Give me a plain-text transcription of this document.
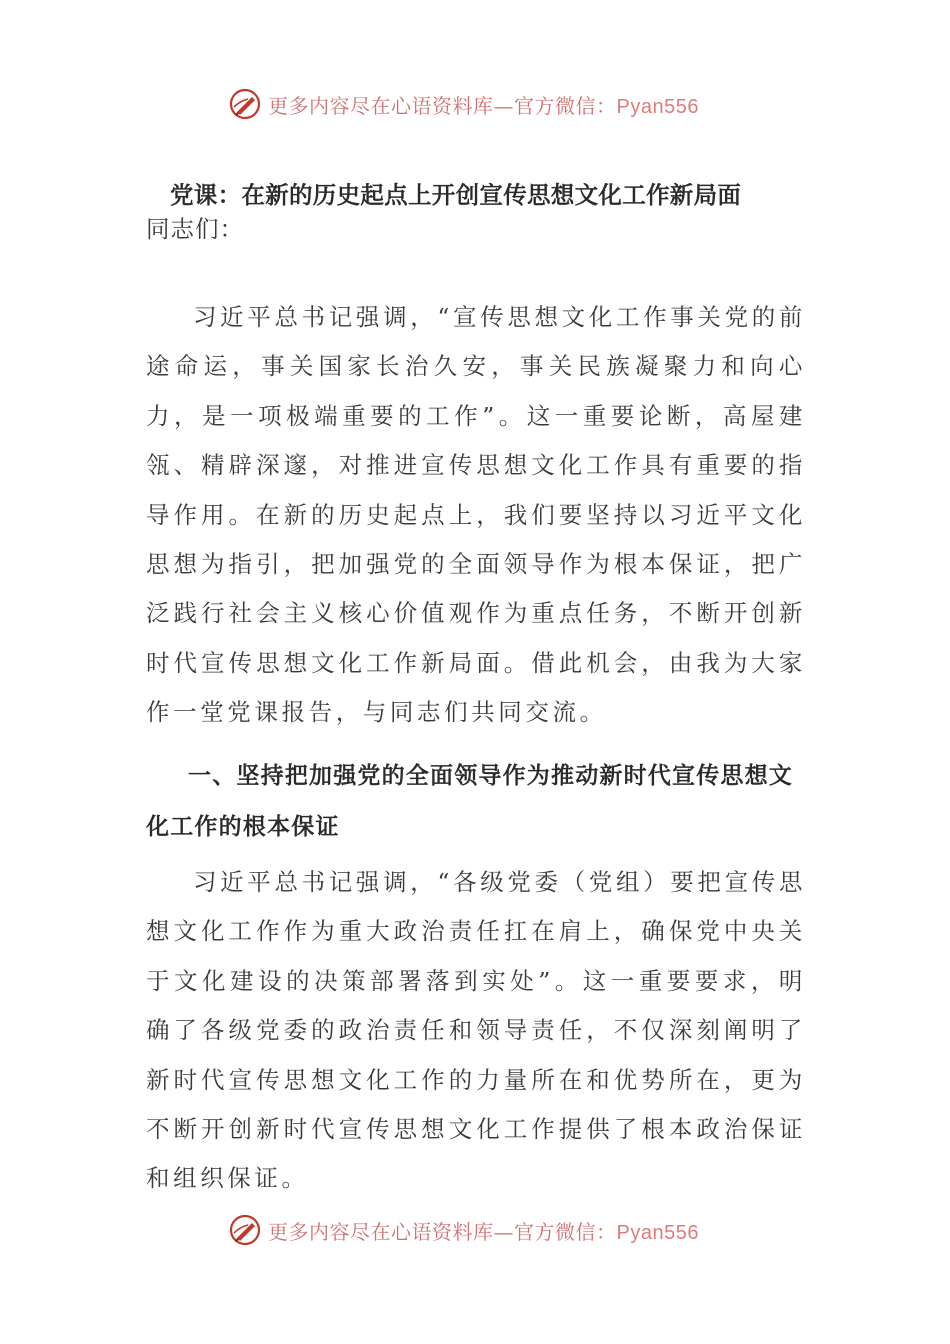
更多内容尽在心语资料库—官方微信：Pyan556
党课：在新的历史起点上开创宣传思想文化工作新局面
同志们：

习近平总书记强调，“宣传思想文化工作事关党的前途命运，事关国家长治久安，事关民族凝聚力和向心力，是一项极端重要的工作”。这一重要论断，高屋建瓴、精辟深邃，对推进宣传思想文化工作具有重要的指导作用。在新的历史起点上，我们要坚持以习近平文化思想为指引，把加强党的全面领导作为根本保证，把广泛践行社会主义核心价值观作为重点任务，不断开创新时代宣传思想文化工作新局面。借此机会，由我为大家作一堂党课报告，与同志们共同交流。

一、坚持把加强党的全面领导作为推动新时代宣传思想文化工作的根本保证

习近平总书记强调，“各级党委（党组）要把宣传思想文化工作作为重大政治责任扛在肩上，确保党中央关于文化建设的决策部署落到实处”。这一重要要求，明确了各级党委的政治责任和领导责任，不仅深刻阐明了新时代宣传思想文化工作的力量所在和优势所在，更为不断开创新时代宣传思想文化工作提供了根本政治保证和组织保证。

更多内容尽在心语资料库—官方微信：Pyan556
